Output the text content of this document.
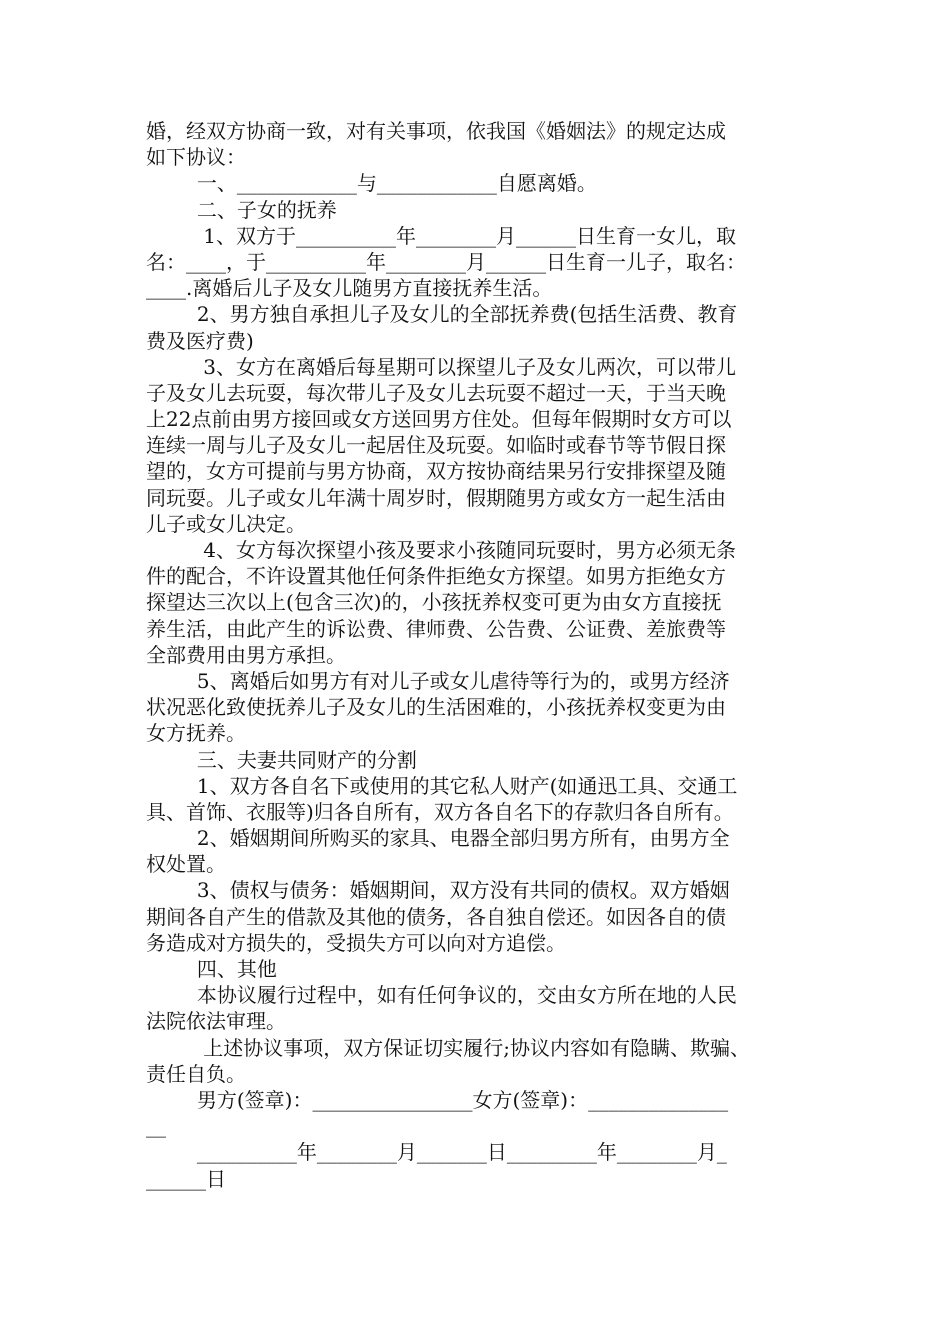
婚，经双方协商一致，对有关事项，依我国《婚姻法》的规定达成
如下协议：
一、____________与____________自愿离婚。
二、子女的抚养
1、双方于__________年________月______日生育一女儿，取
名：____，于__________年________月______日生育一儿子，取名：
____.离婚后儿子及女儿随男方直接抚养生活。
2、男方独自承担儿子及女儿的全部抚养费(包括生活费、教育
费及医疗费)
3、女方在离婚后每星期可以探望儿子及女儿两次，可以带儿
子及女儿去玩耍，每次带儿子及女儿去玩耍不超过一天，于当天晚
上22点前由男方接回或女方送回男方住处。但每年假期时女方可以
连续一周与儿子及女儿一起居住及玩耍。如临时或春节等节假日探
望的，女方可提前与男方协商，双方按协商结果另行安排探望及随
同玩耍。儿子或女儿年满十周岁时，假期随男方或女方一起生活由
儿子或女儿决定。
4、女方每次探望小孩及要求小孩随同玩耍时，男方必须无条
件的配合，不许设置其他任何条件拒绝女方探望。如男方拒绝女方
探望达三次以上(包含三次)的，小孩抚养权变可更为由女方直接抚
养生活，由此产生的诉讼费、律师费、公告费、公证费、差旅费等
全部费用由男方承担。
5、离婚后如男方有对儿子或女儿虐待等行为的，或男方经济
状况恶化致使抚养儿子及女儿的生活困难的，小孩抚养权变更为由
女方抚养。
三、夫妻共同财产的分割
1、双方各自名下或使用的其它私人财产(如通迅工具、交通工
具、首饰、衣服等)归各自所有，双方各自名下的存款归各自所有。
2、婚姻期间所购买的家具、电器全部归男方所有，由男方全
权处置。
3、债权与债务：婚姻期间，双方没有共同的债权。双方婚姻
期间各自产生的借款及其他的债务，各自独自偿还。如因各自的债
务造成对方损失的，受损失方可以向对方追偿。
四、其他
本协议履行过程中，如有任何争议的，交由女方所在地的人民
法院依法审理。
上述协议事项，双方保证切实履行;协议内容如有隐瞒、欺骗、
责任自负。
男方(签章)：________________女方(签章)：______________
__
__________年________月_______日_________年________月_
______日
